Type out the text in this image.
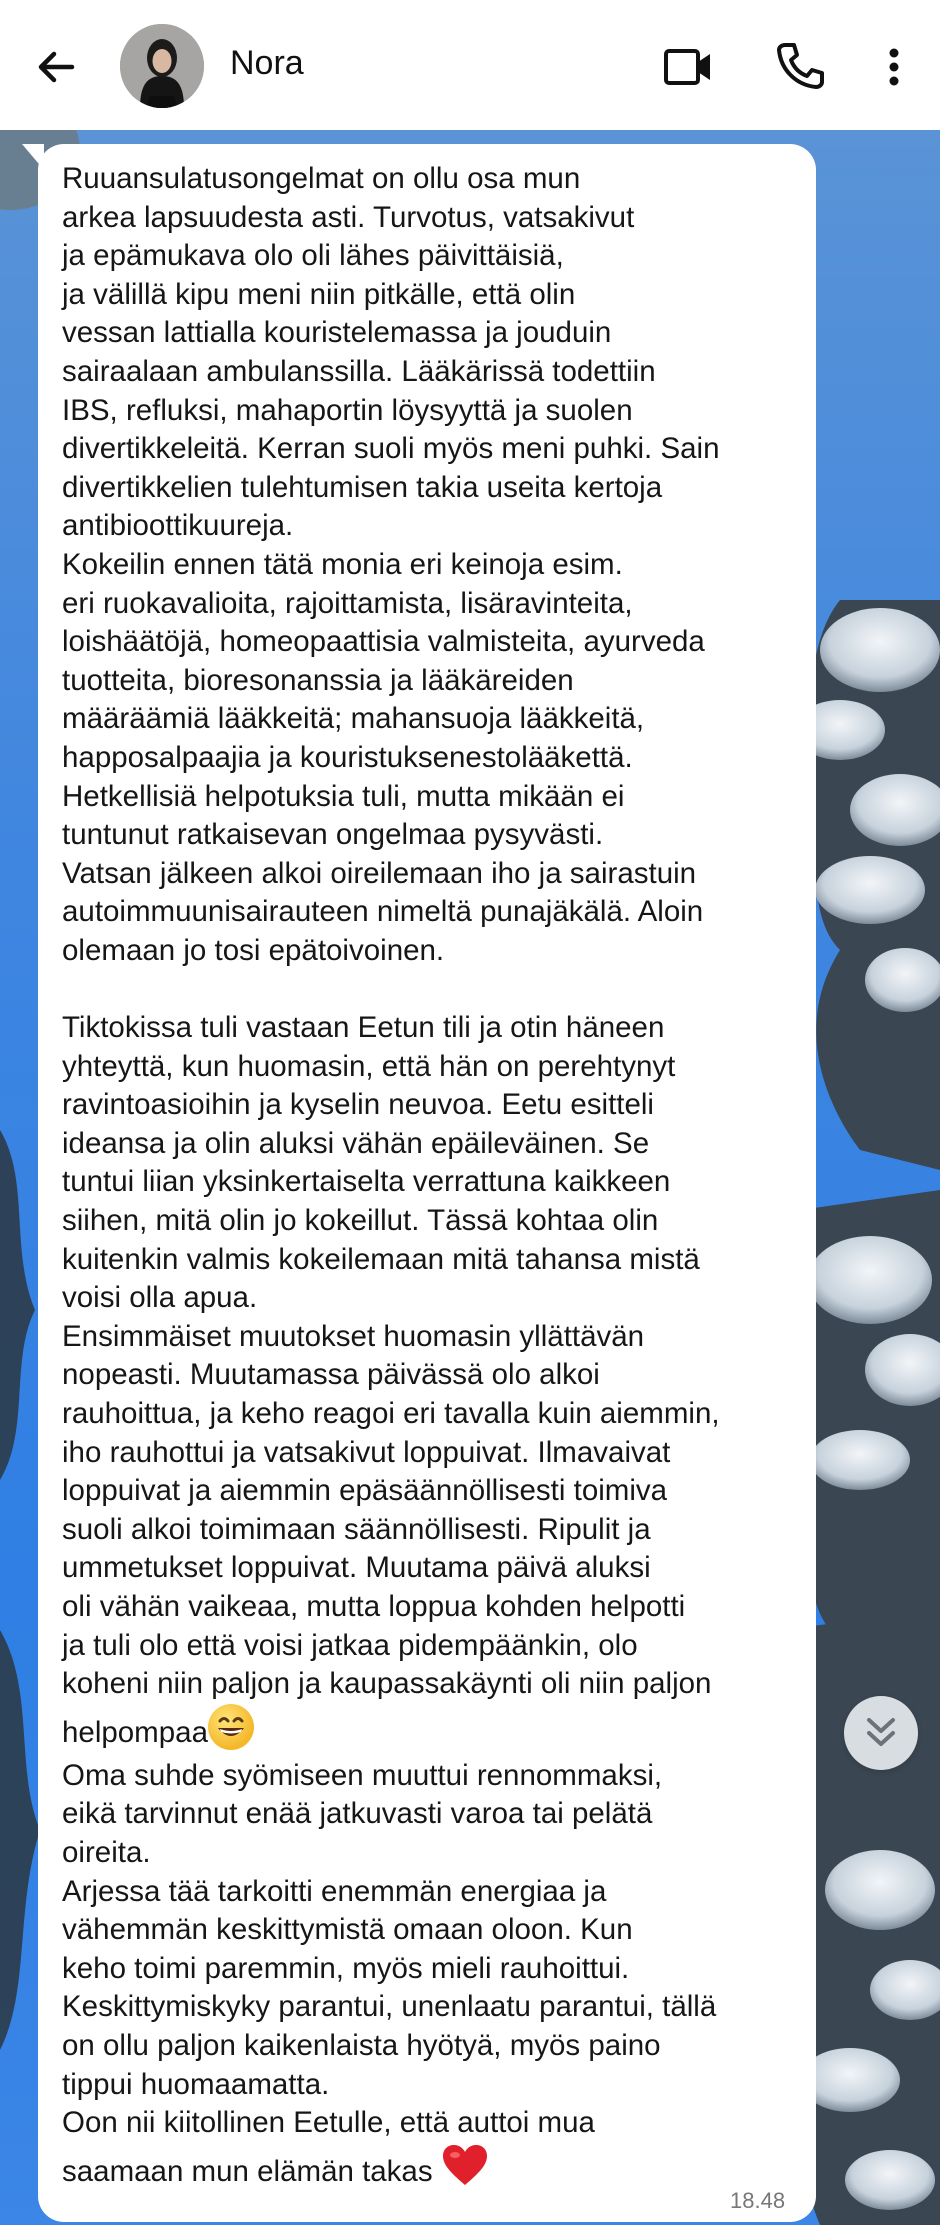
Nora
Ruuansulatusongelmat on ollu osa mun
arkea lapsuudesta asti. Turvotus, vatsakivut
ja epämukava olo oli lähes päivittäisiä,
ja välillä kipu meni niin pitkälle, että olin
vessan lattialla kouristelemassa ja jouduin
sairaalaan ambulanssilla. Lääkärissä todettiin
IBS, refluksi, mahaportin löysyyttä ja suolen
divertikkeleitä. Kerran suoli myös meni puhki. Sain
divertikkelien tulehtumisen takia useita kertoja
antibioottikuureja.
Kokeilin ennen tätä monia eri keinoja esim.
eri ruokavalioita, rajoittamista, lisäravinteita,
loishäätöjä, homeopaattisia valmisteita, ayurveda
tuotteita, bioresonanssia ja lääkäreiden
määräämiä lääkkeitä; mahansuoja lääkkeitä,
happosalpaajia ja kouristuksenestolääkettä.
Hetkellisiä helpotuksia tuli, mutta mikään ei
tuntunut ratkaisevan ongelmaa pysyvästi.
Vatsan jälkeen alkoi oireilemaan iho ja sairastuin
autoimmuunisairauteen nimeltä punajäkälä. Aloin
olemaan jo tosi epätoivoinen.
Tiktokissa tuli vastaan Eetun tili ja otin häneen
yhteyttä, kun huomasin, että hän on perehtynyt
ravintoasioihin ja kyselin neuvoa. Eetu esitteli
ideansa ja olin aluksi vähän epäileväinen. Se
tuntui liian yksinkertaiselta verrattuna kaikkeen
siihen, mitä olin jo kokeillut. Tässä kohtaa olin
kuitenkin valmis kokeilemaan mitä tahansa mistä
voisi olla apua.
Ensimmäiset muutokset huomasin yllättävän
nopeasti. Muutamassa päivässä olo alkoi
rauhoittua, ja keho reagoi eri tavalla kuin aiemmin,
iho rauhottui ja vatsakivut loppuivat. Ilmavaivat
loppuivat ja aiemmin epäsäännöllisesti toimiva
suoli alkoi toimimaan säännöllisesti. Ripulit ja
ummetukset loppuivat. Muutama päivä aluksi
oli vähän vaikeaa, mutta loppua kohden helpotti
ja tuli olo että voisi jatkaa pidempäänkin, olo
koheni niin paljon ja kaupassakäynti oli niin paljon
helpompaa
Oma suhde syömiseen muuttui rennommaksi,
eikä tarvinnut enää jatkuvasti varoa tai pelätä
oireita.
Arjessa tää tarkoitti enemmän energiaa ja
vähemmän keskittymistä omaan oloon. Kun
keho toimi paremmin, myös mieli rauhoittui.
Keskittymiskyky parantui, unenlaatu parantui, tällä
on ollu paljon kaikenlaista hyötyä, myös paino
tippui huomaamatta.
Oon nii kiitollinen Eetulle, että auttoi mua
saamaan mun elämän takas
18.48
